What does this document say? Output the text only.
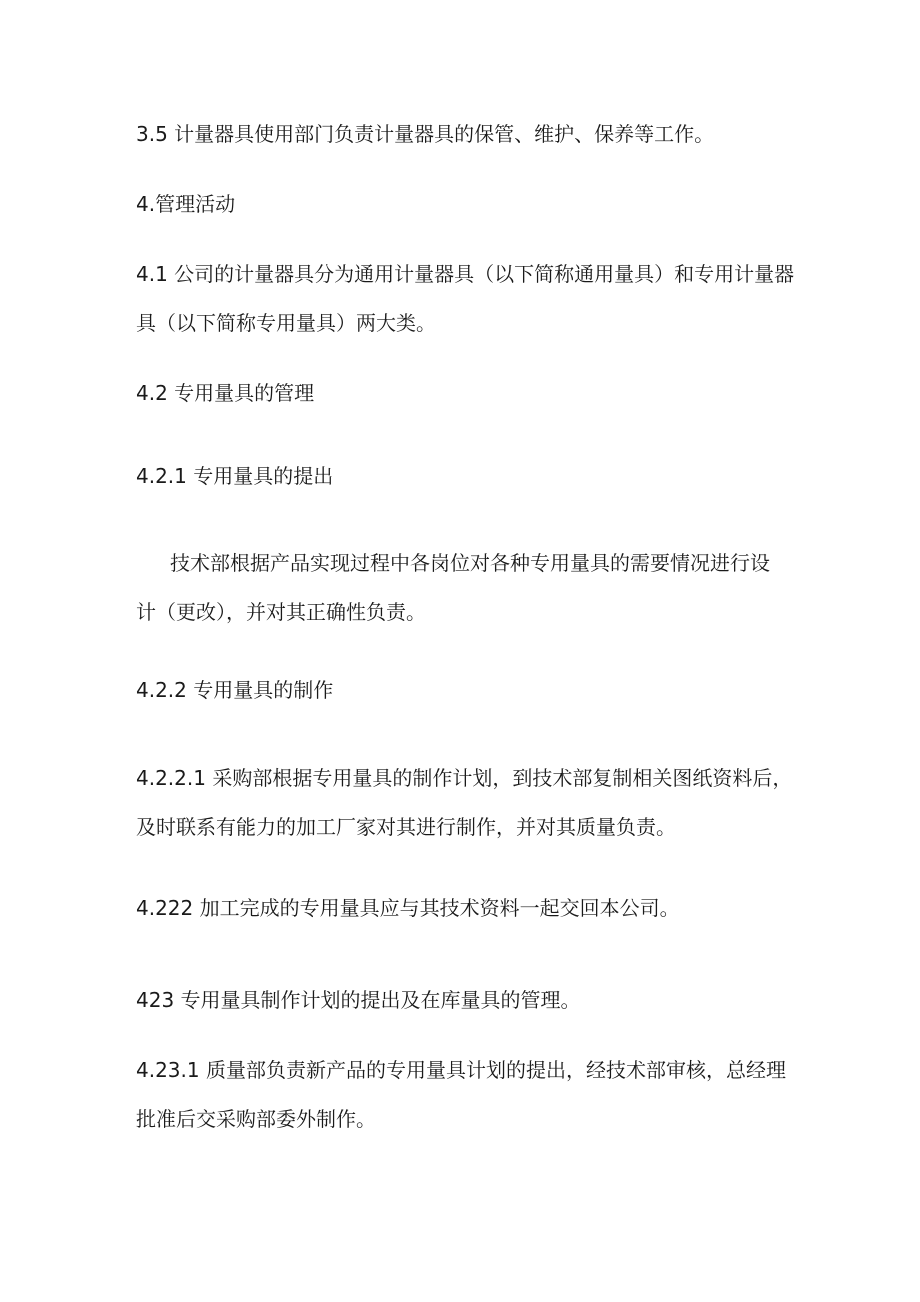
3.5 计量器具使用部门负责计量器具的保管、维护、保养等工作。

4.管理活动

4.1 公司的计量器具分为通用计量器具（以下简称通用量具）和专用计量器
具（以下简称专用量具）两大类。

4.2 专用量具的管理

4.2.1 专用量具的提出

技术部根据产品实现过程中各岗位对各种专用量具的需要情况进行设
计（更改），并对其正确性负责。

4.2.2 专用量具的制作

4.2.2.1 采购部根据专用量具的制作计划，到技术部复制相关图纸资料后，
及时联系有能力的加工厂家对其进行制作，并对其质量负责。

4.222 加工完成的专用量具应与其技术资料一起交回本公司。

423 专用量具制作计划的提出及在库量具的管理。

4.23.1 质量部负责新产品的专用量具计划的提出，经技术部审核，总经理
批准后交采购部委外制作。
